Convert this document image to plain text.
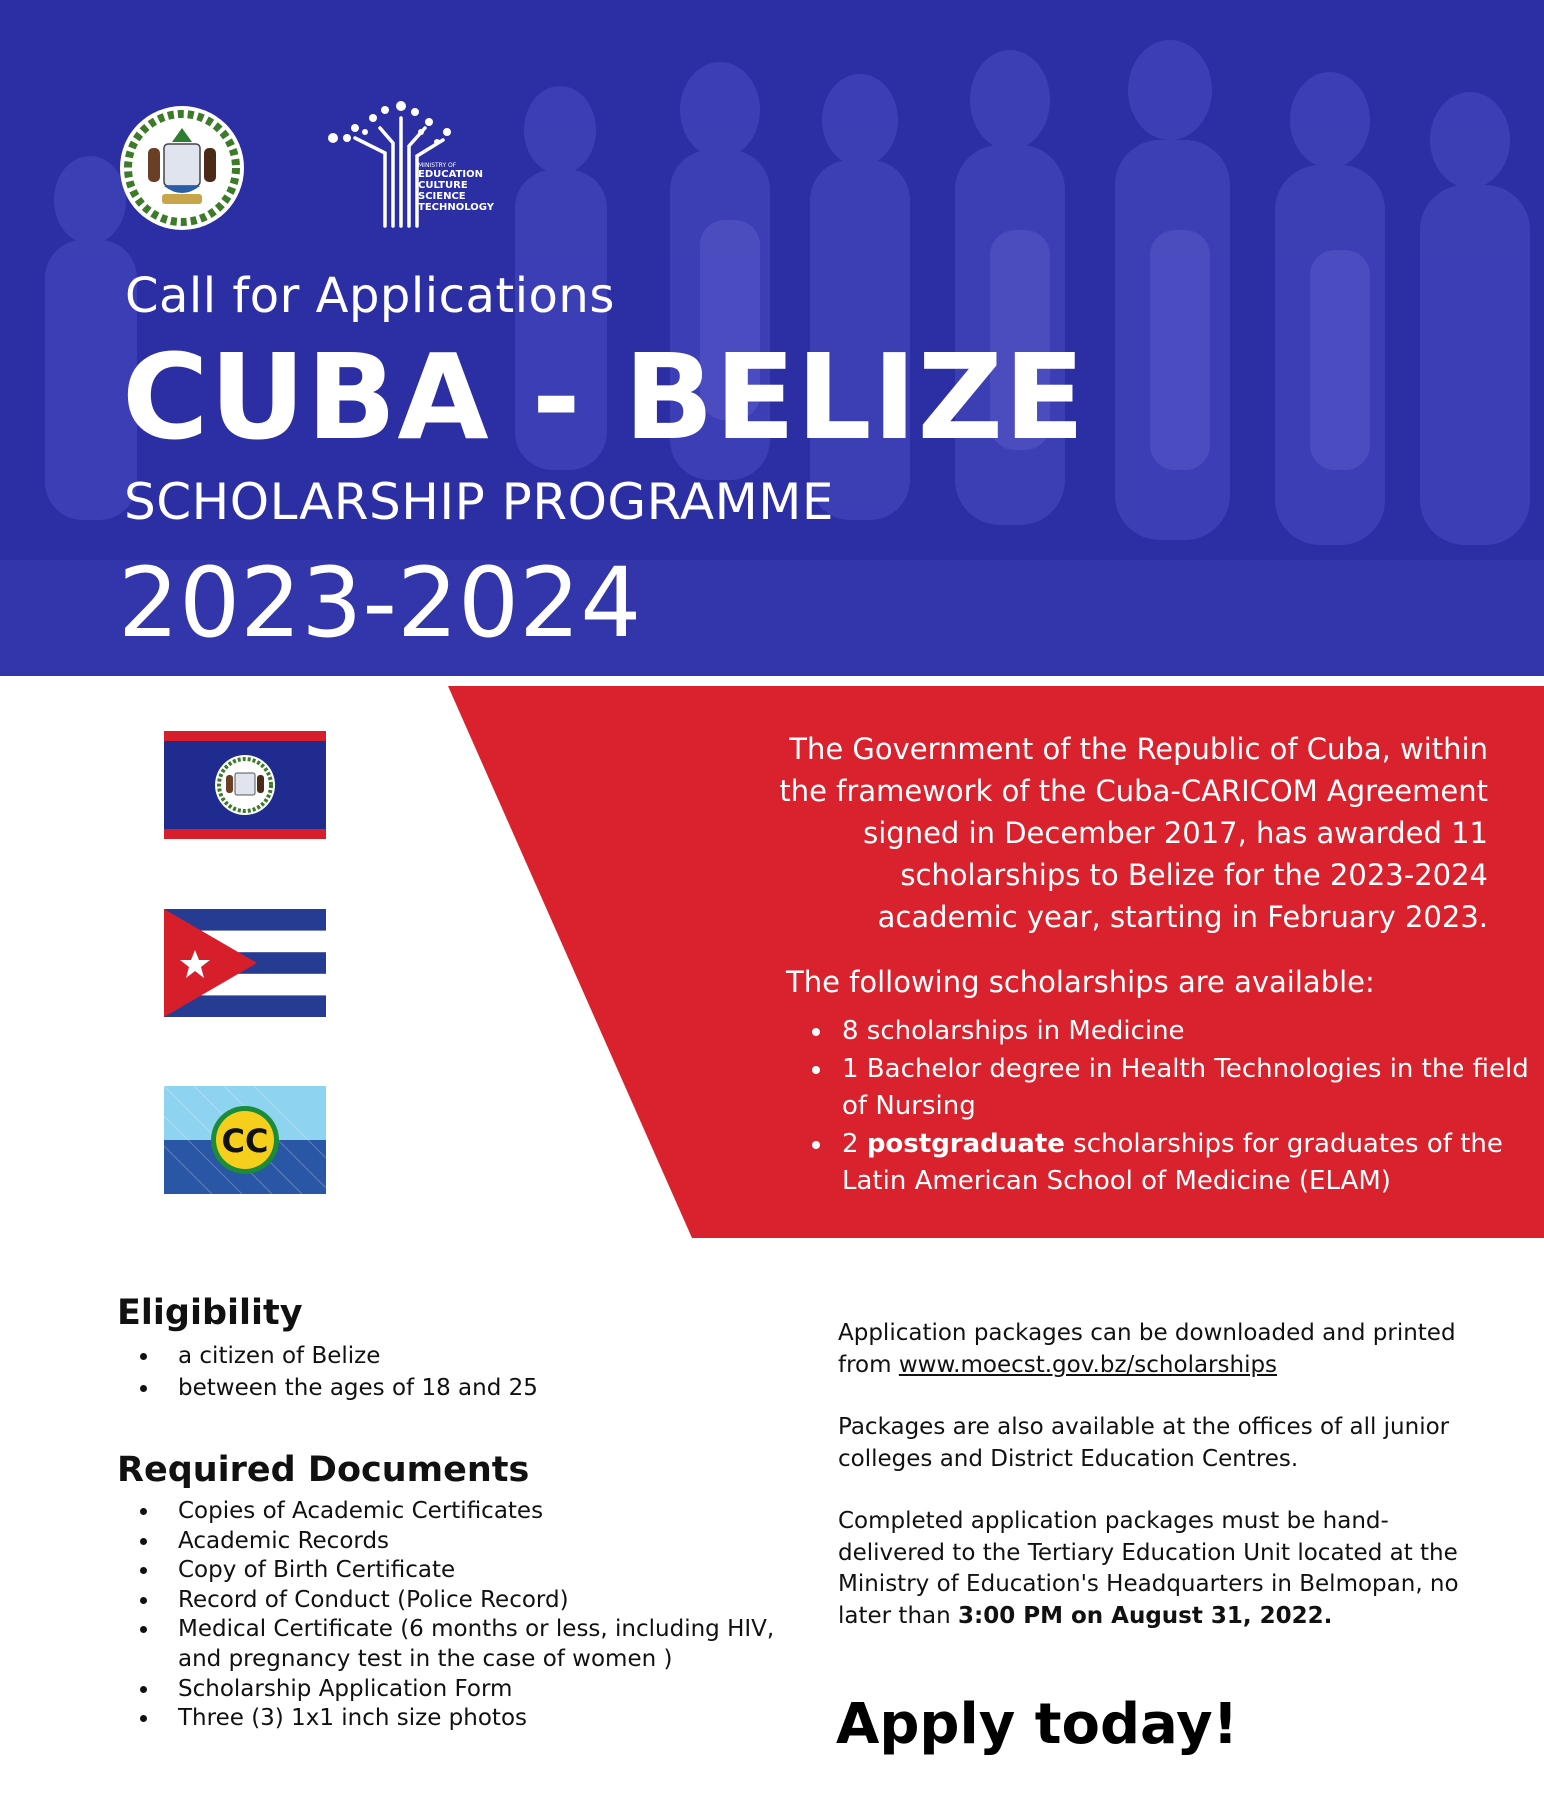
MINISTRY OF
EDUCATION
CULTURE
SCIENCE
TECHNOLOGY
Call for Applications
CUBA - BELIZE
SCHOLARSHIP PROGRAMME
2023-2024
CC
The Government of the Republic of Cuba, within
the framework of the Cuba-CARICOM Agreement
signed in December 2017, has awarded 11
scholarships to Belize for the 2023-2024
academic year, starting in February 2023.
The following scholarships are available:
• 8 scholarships in Medicine
• 1 Bachelor degree in Health Technologies in the field of Nursing
• 2 postgraduate scholarships for graduates of the Latin American School of Medicine (ELAM)
Eligibility
• a citizen of Belize
• between the ages of 18 and 25
Required Documents
• Copies of Academic Certificates
• Academic Records
• Copy of Birth Certificate
• Record of Conduct (Police Record)
• Medical Certificate (6 months or less, including HIV, and pregnancy test in the case of women )
• Scholarship Application Form
• Three (3) 1x1 inch size photos
Application packages can be downloaded and printed from www.moecst.gov.bz/scholarships
Packages are also available at the offices of all junior colleges and District Education Centres.
Completed application packages must be hand-delivered to the Tertiary Education Unit located at the Ministry of Education's Headquarters in Belmopan, no later than 3:00 PM on August 31, 2022.
Apply today!
